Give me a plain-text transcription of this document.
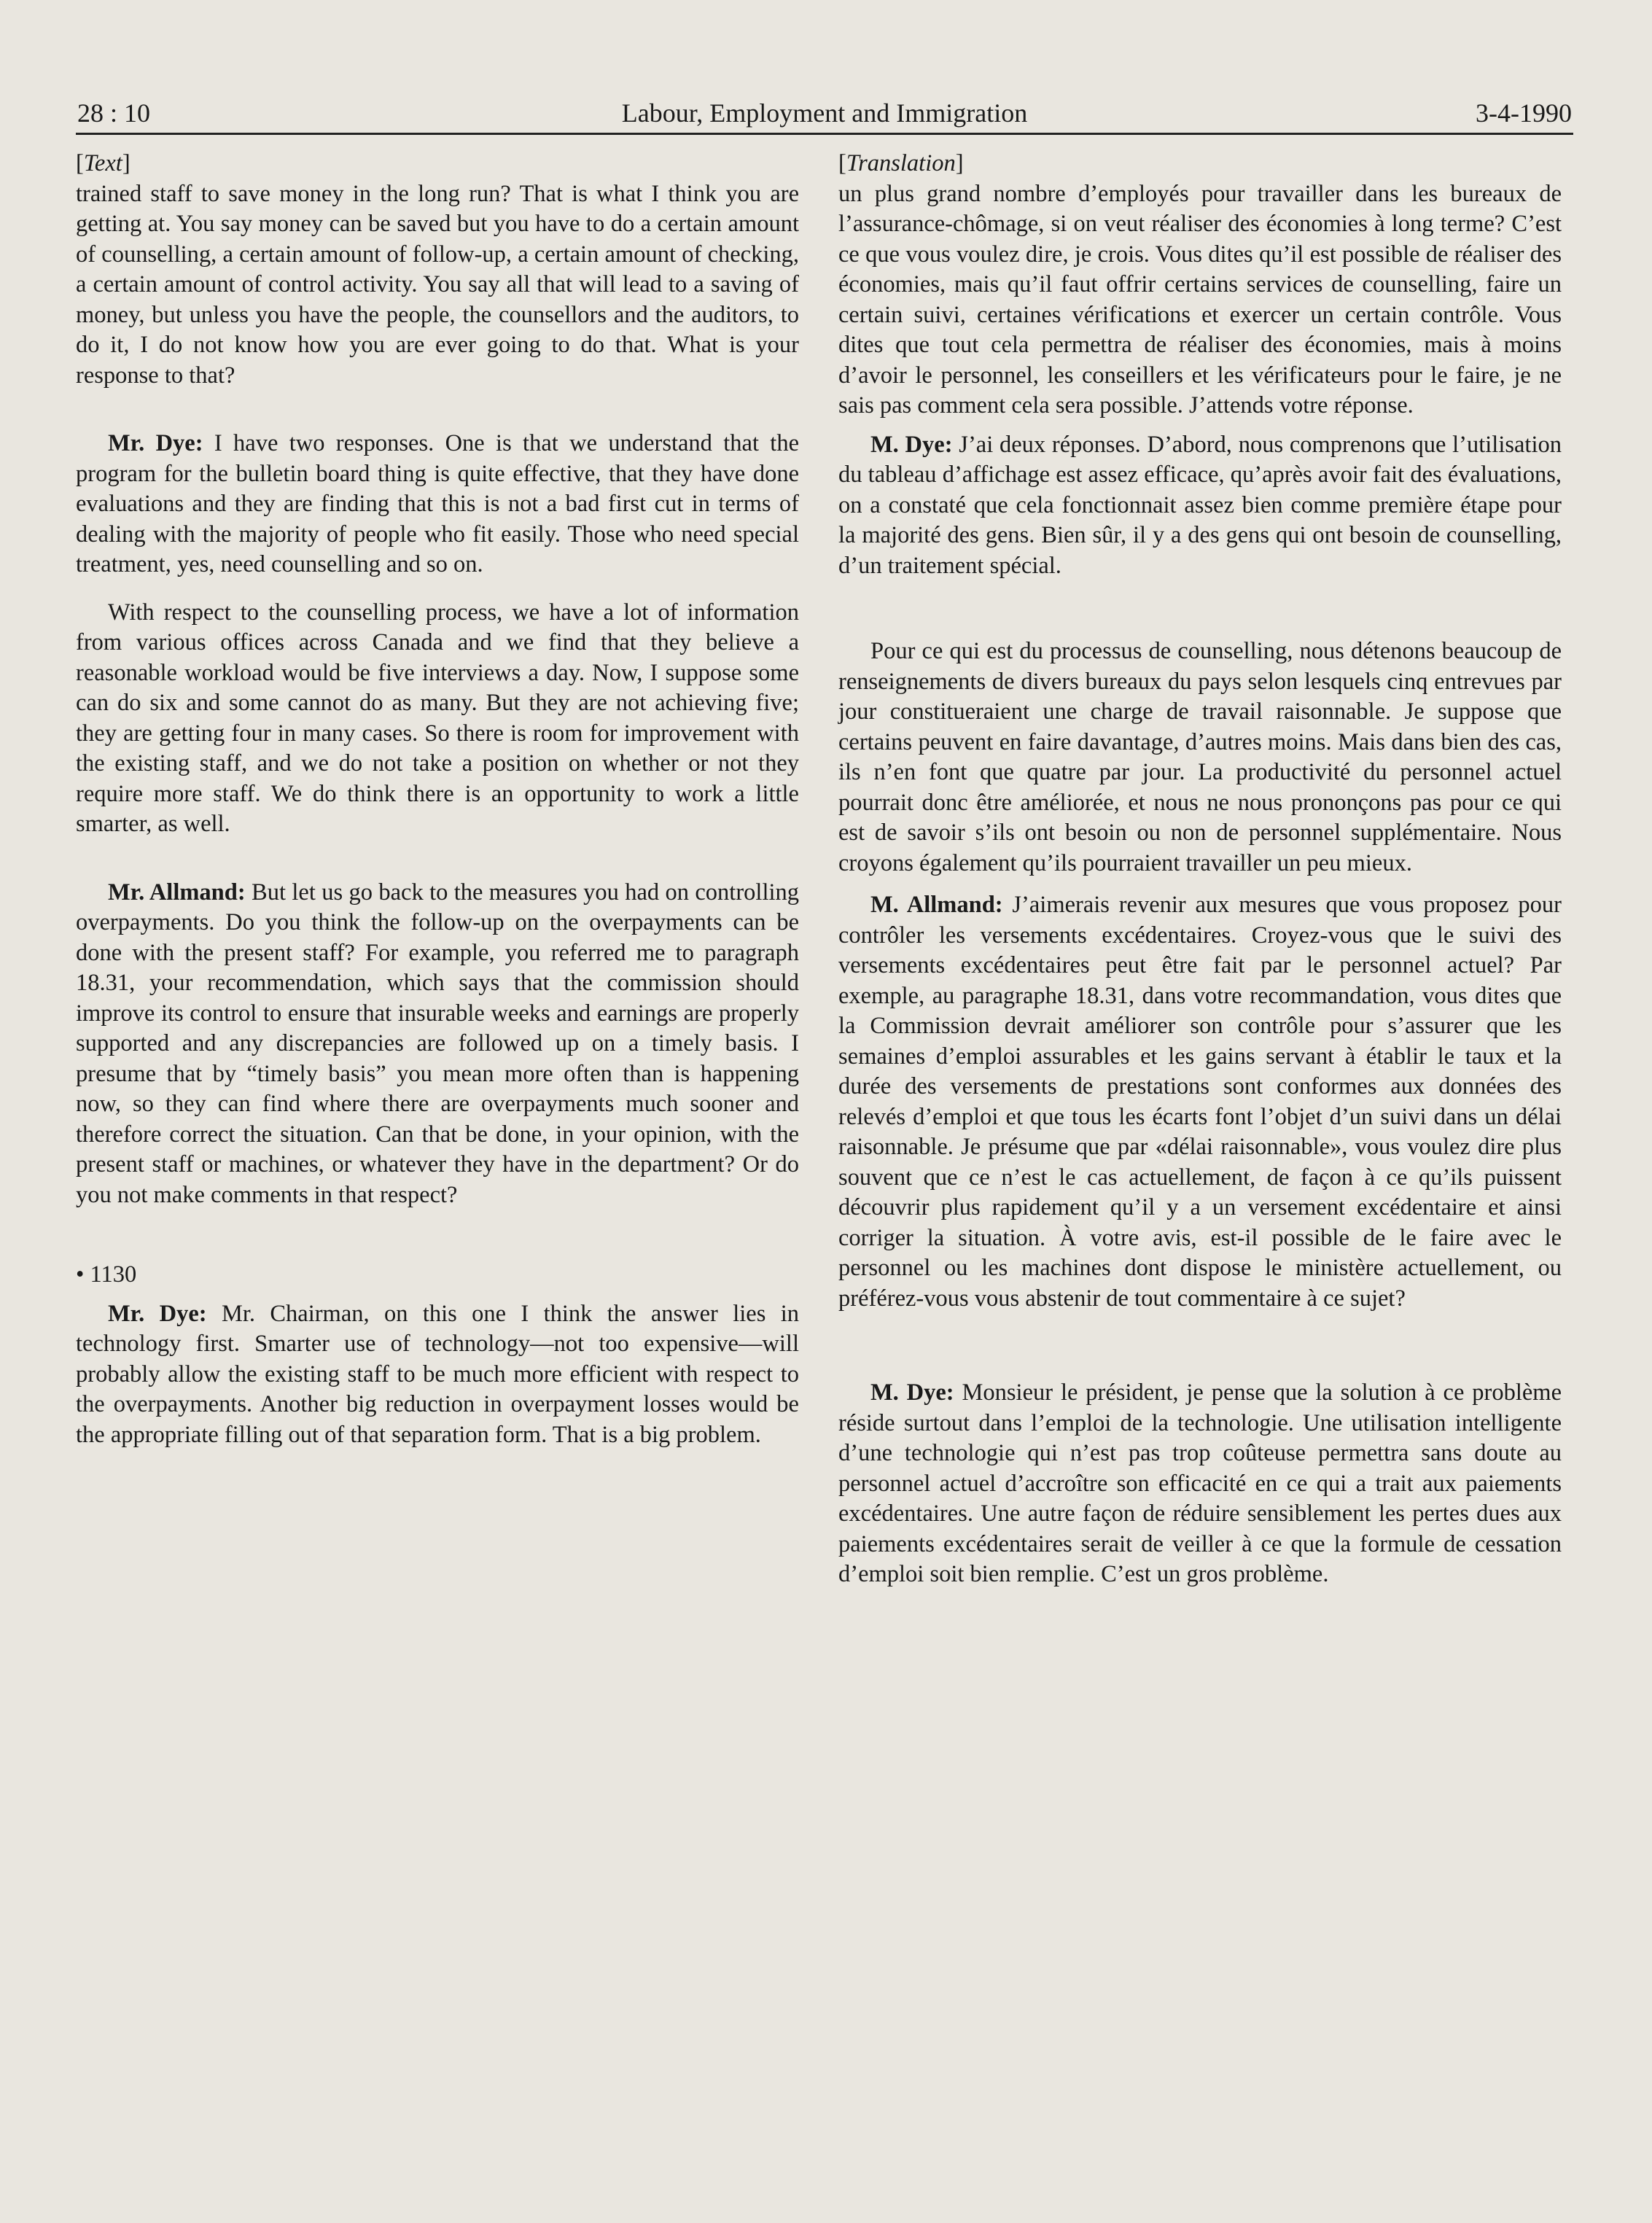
28 : 10	Labour, Employment and Immigration	3-4-1990

[Text]

trained staff to save money in the long run? That is what I think you are getting at. You say money can be saved but you have to do a certain amount of counselling, a certain amount of follow-up, a certain amount of checking, a certain amount of control activity. You say all that will lead to a saving of money, but unless you have the people, the counsellors and the auditors, to do it, I do not know how you are ever going to do that. What is your response to that?

Mr. Dye: I have two responses. One is that we understand that the program for the bulletin board thing is quite effective, that they have done evaluations and they are finding that this is not a bad first cut in terms of dealing with the majority of people who fit easily. Those who need special treatment, yes, need counselling and so on.

With respect to the counselling process, we have a lot of information from various offices across Canada and we find that they believe a reasonable workload would be five interviews a day. Now, I suppose some can do six and some cannot do as many. But they are not achieving five; they are getting four in many cases. So there is room for improvement with the existing staff, and we do not take a position on whether or not they require more staff. We do think there is an opportunity to work a little smarter, as well.

Mr. Allmand: But let us go back to the measures you had on controlling overpayments. Do you think the follow-up on the overpayments can be done with the present staff? For example, you referred me to paragraph 18.31, your recommendation, which says that the commission should improve its control to ensure that insurable weeks and earnings are properly supported and any discrepancies are followed up on a timely basis. I presume that by “timely basis” you mean more often than is happening now, so they can find where there are overpayments much sooner and therefore correct the situation. Can that be done, in your opinion, with the present staff or machines, or whatever they have in the department? Or do you not make comments in that respect?

• 1130

Mr. Dye: Mr. Chairman, on this one I think the answer lies in technology first. Smarter use of technology—not too expensive—will probably allow the existing staff to be much more efficient with respect to the overpayments. Another big reduction in overpayment losses would be the appropriate filling out of that separation form. That is a big problem.

[Translation]

un plus grand nombre d’employés pour travailler dans les bureaux de l’assurance-chômage, si on veut réaliser des économies à long terme? C’est ce que vous voulez dire, je crois. Vous dites qu’il est possible de réaliser des économies, mais qu’il faut offrir certains services de counselling, faire un certain suivi, certaines vérifications et exercer un certain contrôle. Vous dites que tout cela permettra de réaliser des économies, mais à moins d’avoir le personnel, les conseillers et les vérificateurs pour le faire, je ne sais pas comment cela sera possible. J’attends votre réponse.

M. Dye: J’ai deux réponses. D’abord, nous comprenons que l’utilisation du tableau d’affichage est assez efficace, qu’après avoir fait des évaluations, on a constaté que cela fonctionnait assez bien comme première étape pour la majorité des gens. Bien sûr, il y a des gens qui ont besoin de counselling, d’un traitement spécial.

Pour ce qui est du processus de counselling, nous détenons beaucoup de renseignements de divers bureaux du pays selon lesquels cinq entrevues par jour constitueraient une charge de travail raisonnable. Je suppose que certains peuvent en faire davantage, d’autres moins. Mais dans bien des cas, ils n’en font que quatre par jour. La productivité du personnel actuel pourrait donc être améliorée, et nous ne nous prononçons pas pour ce qui est de savoir s’ils ont besoin ou non de personnel supplémentaire. Nous croyons également qu’ils pourraient travailler un peu mieux.

M. Allmand: J’aimerais revenir aux mesures que vous proposez pour contrôler les versements excédentaires. Croyez-vous que le suivi des versements excédentaires peut être fait par le personnel actuel? Par exemple, au paragraphe 18.31, dans votre recommandation, vous dites que la Commission devrait améliorer son contrôle pour s’assurer que les semaines d’emploi assurables et les gains servant à établir le taux et la durée des versements de prestations sont conformes aux données des relevés d’emploi et que tous les écarts font l’objet d’un suivi dans un délai raisonnable. Je présume que par «délai raisonnable», vous voulez dire plus souvent que ce n’est le cas actuellement, de façon à ce qu’ils puissent découvrir plus rapidement qu’il y a un versement excédentaire et ainsi corriger la situation. À votre avis, est-il possible de le faire avec le personnel ou les machines dont dispose le ministère actuellement, ou préférez-vous vous abstenir de tout commentaire à ce sujet?

M. Dye: Monsieur le président, je pense que la solution à ce problème réside surtout dans l’emploi de la technologie. Une utilisation intelligente d’une technologie qui n’est pas trop coûteuse permettra sans doute au personnel actuel d’accroître son efficacité en ce qui a trait aux paiements excédentaires. Une autre façon de réduire sensiblement les pertes dues aux paiements excédentaires serait de veiller à ce que la formule de cessation d’emploi soit bien remplie. C’est un gros problème.
